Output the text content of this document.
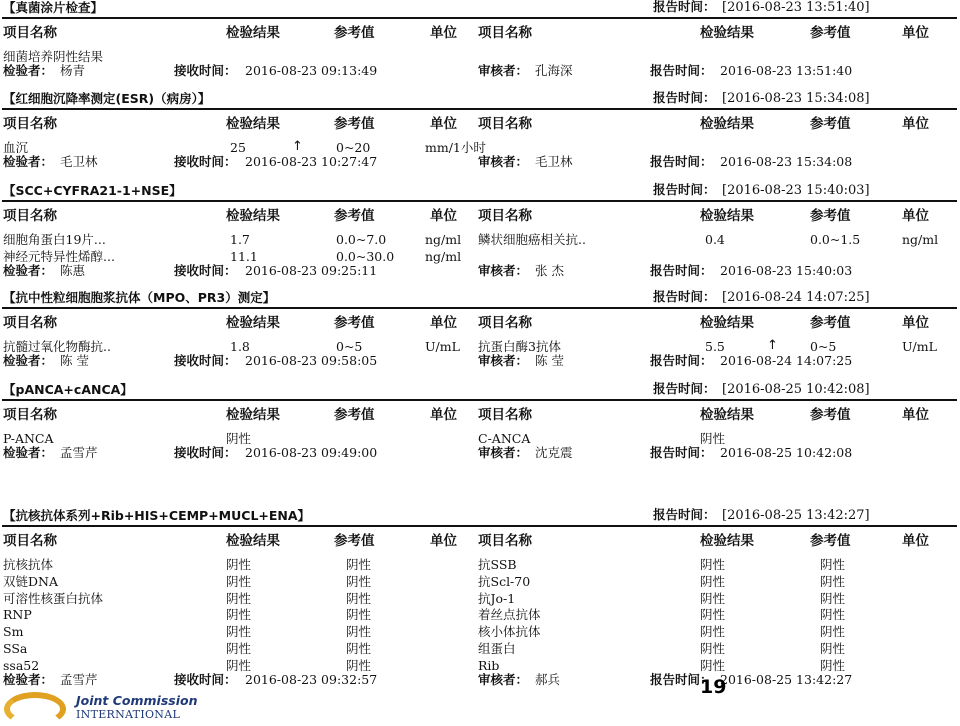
【真菌涂片检查】	报告时间： [2016-08-23 13:51:40]
项目名称	检验结果	参考值	单位 项目名称	检验结果	参考值	单位
细菌培养阴性结果
检验者： 杨青	接收时间： 2016-08-23 09:13:49	审核者： 孔海深	报告时间： 2016-08-23 13:51:40
【红细胞沉降率测定(ESR)（病房）】	报告时间： [2016-08-23 15:34:08]
项目名称	检验结果	参考值	单位 项目名称	检验结果	参考值	单位
血沉	25	↑	0~20	mm/1小时
检验者： 毛卫林	接收时间： 2016-08-23 10:27:47	审核者： 毛卫林	报告时间： 2016-08-23 15:34:08
【SCC+CYFRA21-1+NSE】	报告时间： [2016-08-23 15:40:03]
项目名称	检验结果	参考值	单位 项目名称	检验结果	参考值	单位
细胞角蛋白19片...	1.7	0.0~7.0	ng/ml 鳞状细胞癌相关抗..	0.4	0.0~1.5	ng/ml
神经元特异性烯醇...	11.1	0.0~30.0 ng/ml
检验者： 陈惠	接收时间： 2016-08-23 09:25:11	审核者： 张 杰	报告时间： 2016-08-23 15:40:03
【抗中性粒细胞胞浆抗体（MPO、PR3）测定】	报告时间： [2016-08-24 14:07:25]
项目名称	检验结果	参考值	单位 项目名称	检验结果	参考值	单位
抗髓过氧化物酶抗..	1.8	0~5	U/mL 抗蛋白酶3抗体	5.5	↑	0~5	U/mL
检验者： 陈 莹	接收时间： 2016-08-23 09:58:05	审核者： 陈 莹	报告时间： 2016-08-24 14:07:25
【pANCA+cANCA】	报告时间： [2016-08-25 10:42:08]
项目名称	检验结果	参考值	单位 项目名称	检验结果	参考值	单位
P-ANCA	阴性	C-ANCA	阴性
检验者： 孟雪芹	接收时间： 2016-08-23 09:49:00	审核者： 沈克震	报告时间： 2016-08-25 10:42:08
【抗核抗体系列+Rib+HIS+CEMP+MUCL+ENA】	报告时间： [2016-08-25 13:42:27]
项目名称	检验结果	参考值	单位 项目名称	检验结果	参考值	单位
抗核抗体	阴性	阴性	抗SSB	阴性	阴性
双链DNA	阴性	阴性	抗Scl-70	阴性	阴性
可溶性核蛋白抗体	阴性	阴性	抗Jo-1	阴性	阴性
RNP	阴性	阴性	着丝点抗体	阴性	阴性
Sm	阴性	阴性	核小体抗体	阴性	阴性
SSa	阴性	阴性	组蛋白	阴性	阴性
ssa52	阴性	阴性	Rib	阴性	阴性
检验者： 孟雪芹	接收时间： 2016-08-23 09:32:57	审核者： 郝兵	报告时间： 2016-08-25 13:42:27
19
Joint Commission
INTERNATIONAL
